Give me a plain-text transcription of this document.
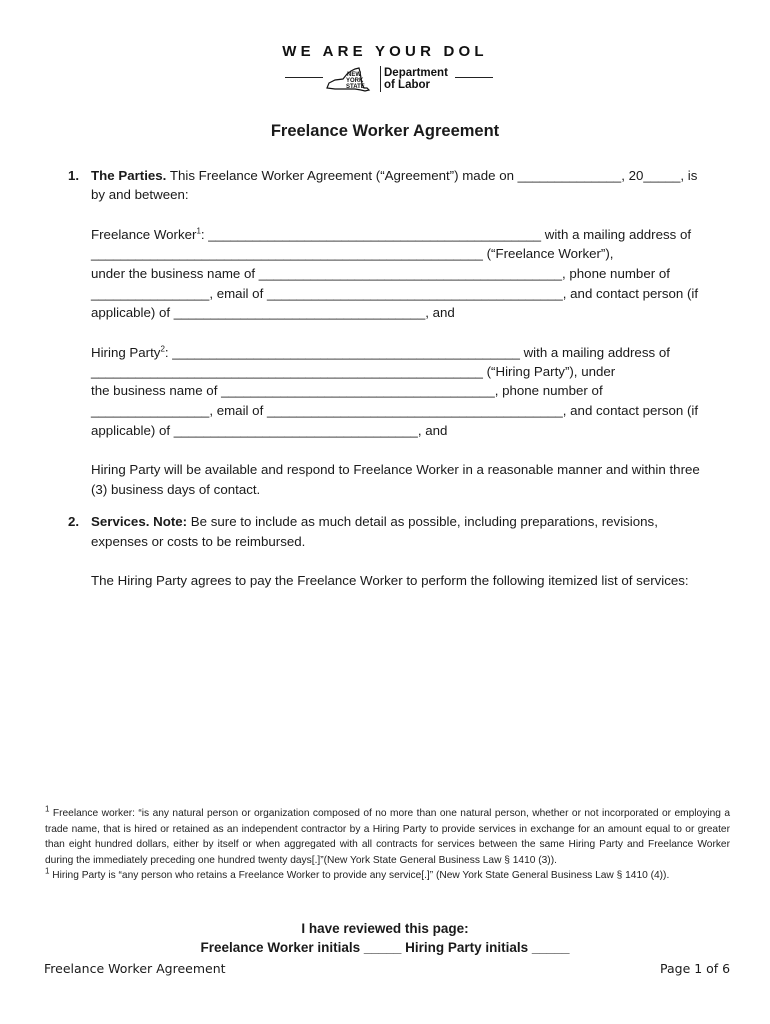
WE ARE YOUR DOL
NEW
YORK
STATE
Department
of Labor
Freelance Worker Agreement
1. The Parties. This Freelance Worker Agreement (“Agreement”) made on ______________, 20_____, is
by and between:
Freelance Worker$^1$: _____________________________________________ with a mailing address of
_____________________________________________________ (“Freelance Worker”),
under the business name of _________________________________________, phone number of
________________, email of ________________________________________, and contact person (if
applicable) of __________________________________, and
Hiring Party$^2$: _______________________________________________ with a mailing address of
_____________________________________________________ (“Hiring Party”), under
the business name of _____________________________________, phone number of
________________, email of ________________________________________, and contact person (if
applicable) of _________________________________, and
Hiring Party will be available and respond to Freelance Worker in a reasonable manner and within three
(3) business days of contact.
2. Services. Note: Be sure to include as much detail as possible, including preparations, revisions,
expenses or costs to be reimbursed.
The Hiring Party agrees to pay the Freelance Worker to perform the following itemized list of services:

$^1$ Freelance worker: “is any natural person or organization composed of no more than one natural person, whether or not incorporated or employing a trade name, that is hired or retained as an independent contractor by a Hiring Party to provide services in exchange for an amount equal to or greater than eight hundred dollars, either by itself or when aggregated with all contracts for services between the same Hiring Party and Freelance Worker during the immediately preceding one hundred twenty days[.]”(New York State General Business Law § 1410 (3)).

$^1$ Hiring Party is “any person who retains a Freelance Worker to provide any service[.]” (New York State General Business Law § 1410 (4)).

I have reviewed this page:
Freelance Worker initials _____ Hiring Party initials _____
Freelance Worker Agreement	Page 1 of 6
